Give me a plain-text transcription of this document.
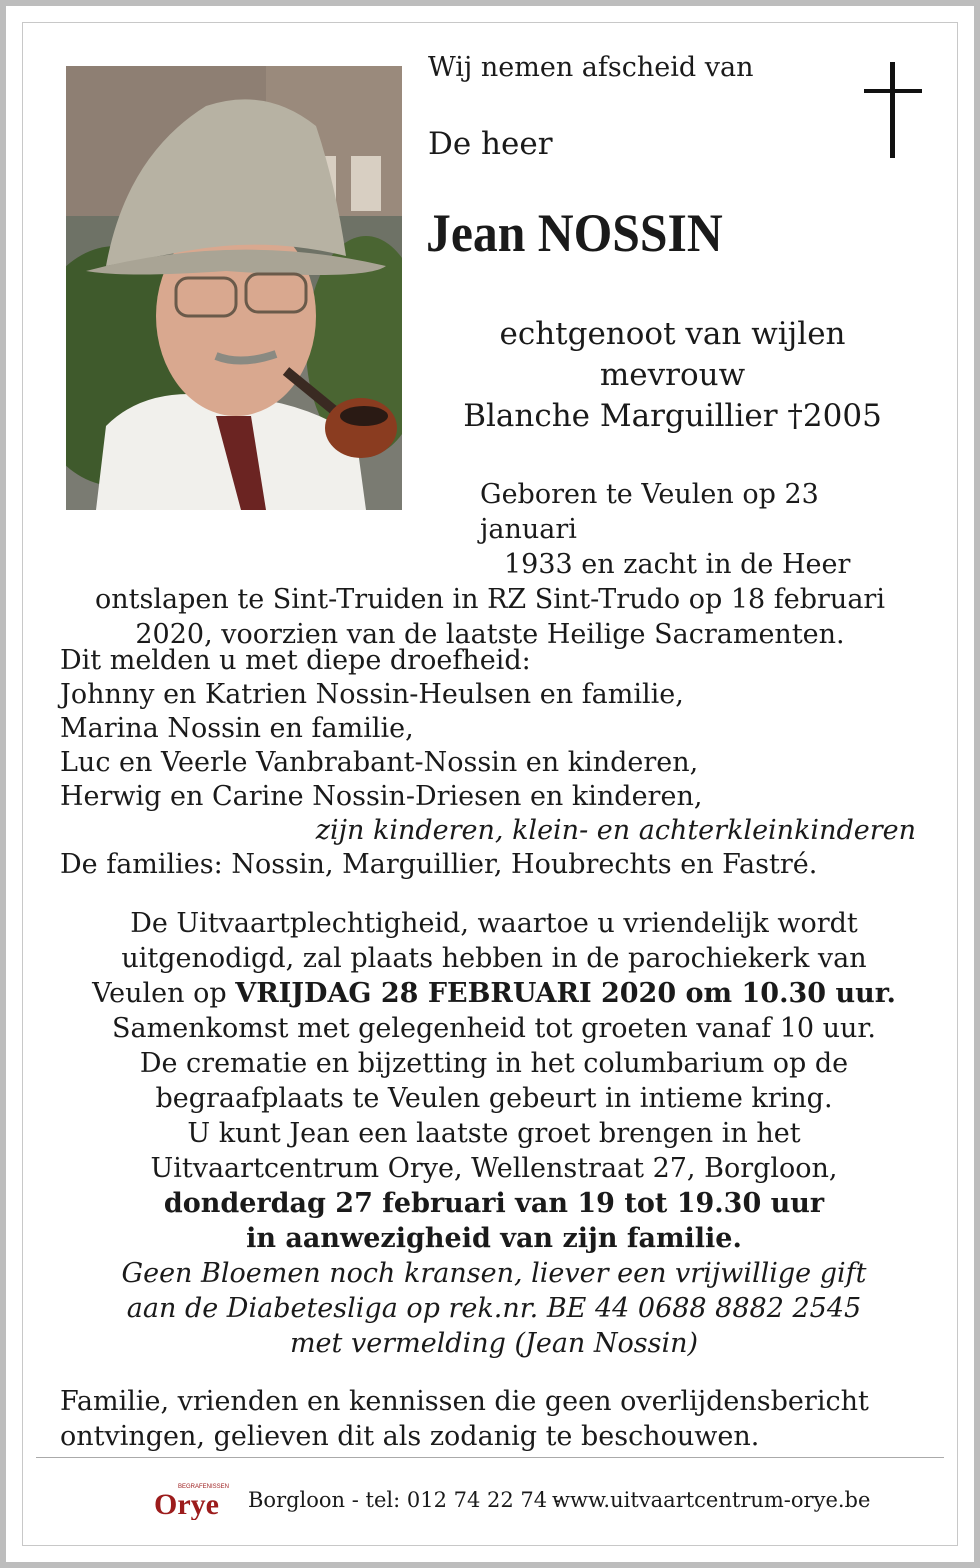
Wij nemen afscheid van
De heer
Jean NOSSIN
echtgenoot van wijlen
mevrouw
Blanche Marguillier †2005
Geboren te Veulen op 23 januari
1933 en zacht in de Heer
ontslapen te Sint-Truiden in RZ Sint-Trudo op 18 februari
2020, voorzien van de laatste Heilige Sacramenten.
Dit melden u met diepe droefheid:
Johnny en Katrien Nossin-Heulsen en familie,
Marina Nossin en familie,
Luc en Veerle Vanbrabant-Nossin en kinderen,
Herwig en Carine Nossin-Driesen en kinderen,
zijn kinderen, klein- en achterkleinkinderen
De families: Nossin, Marguillier, Houbrechts en Fastré.
De Uitvaartplechtigheid, waartoe u vriendelijk wordt
uitgenodigd, zal plaats hebben in de parochiekerk van
Veulen op VRIJDAG 28 FEBRUARI 2020 om 10.30 uur.
Samenkomst met gelegenheid tot groeten vanaf 10 uur.
De crematie en bijzetting in het columbarium op de
begraafplaats te Veulen gebeurt in intieme kring.
U kunt Jean een laatste groet brengen in het
Uitvaartcentrum Orye, Wellenstraat 27, Borgloon,
donderdag 27 februari van 19 tot 19.30 uur
in aanwezigheid van zijn familie.
Geen Bloemen noch kransen, liever een vrijwillige gift
aan de Diabetesliga op rek.nr. BE 44 0688 8882 2545
met vermelding (Jean Nossin)
Familie, vrienden en kennissen die geen overlijdensbericht
ontvingen, gelieven dit als zodanig te beschouwen.
BEGRAFENISSEN
Orye Borgloon - tel: 012 74 22 74 -
www.uitvaartcentrum-orye.be
